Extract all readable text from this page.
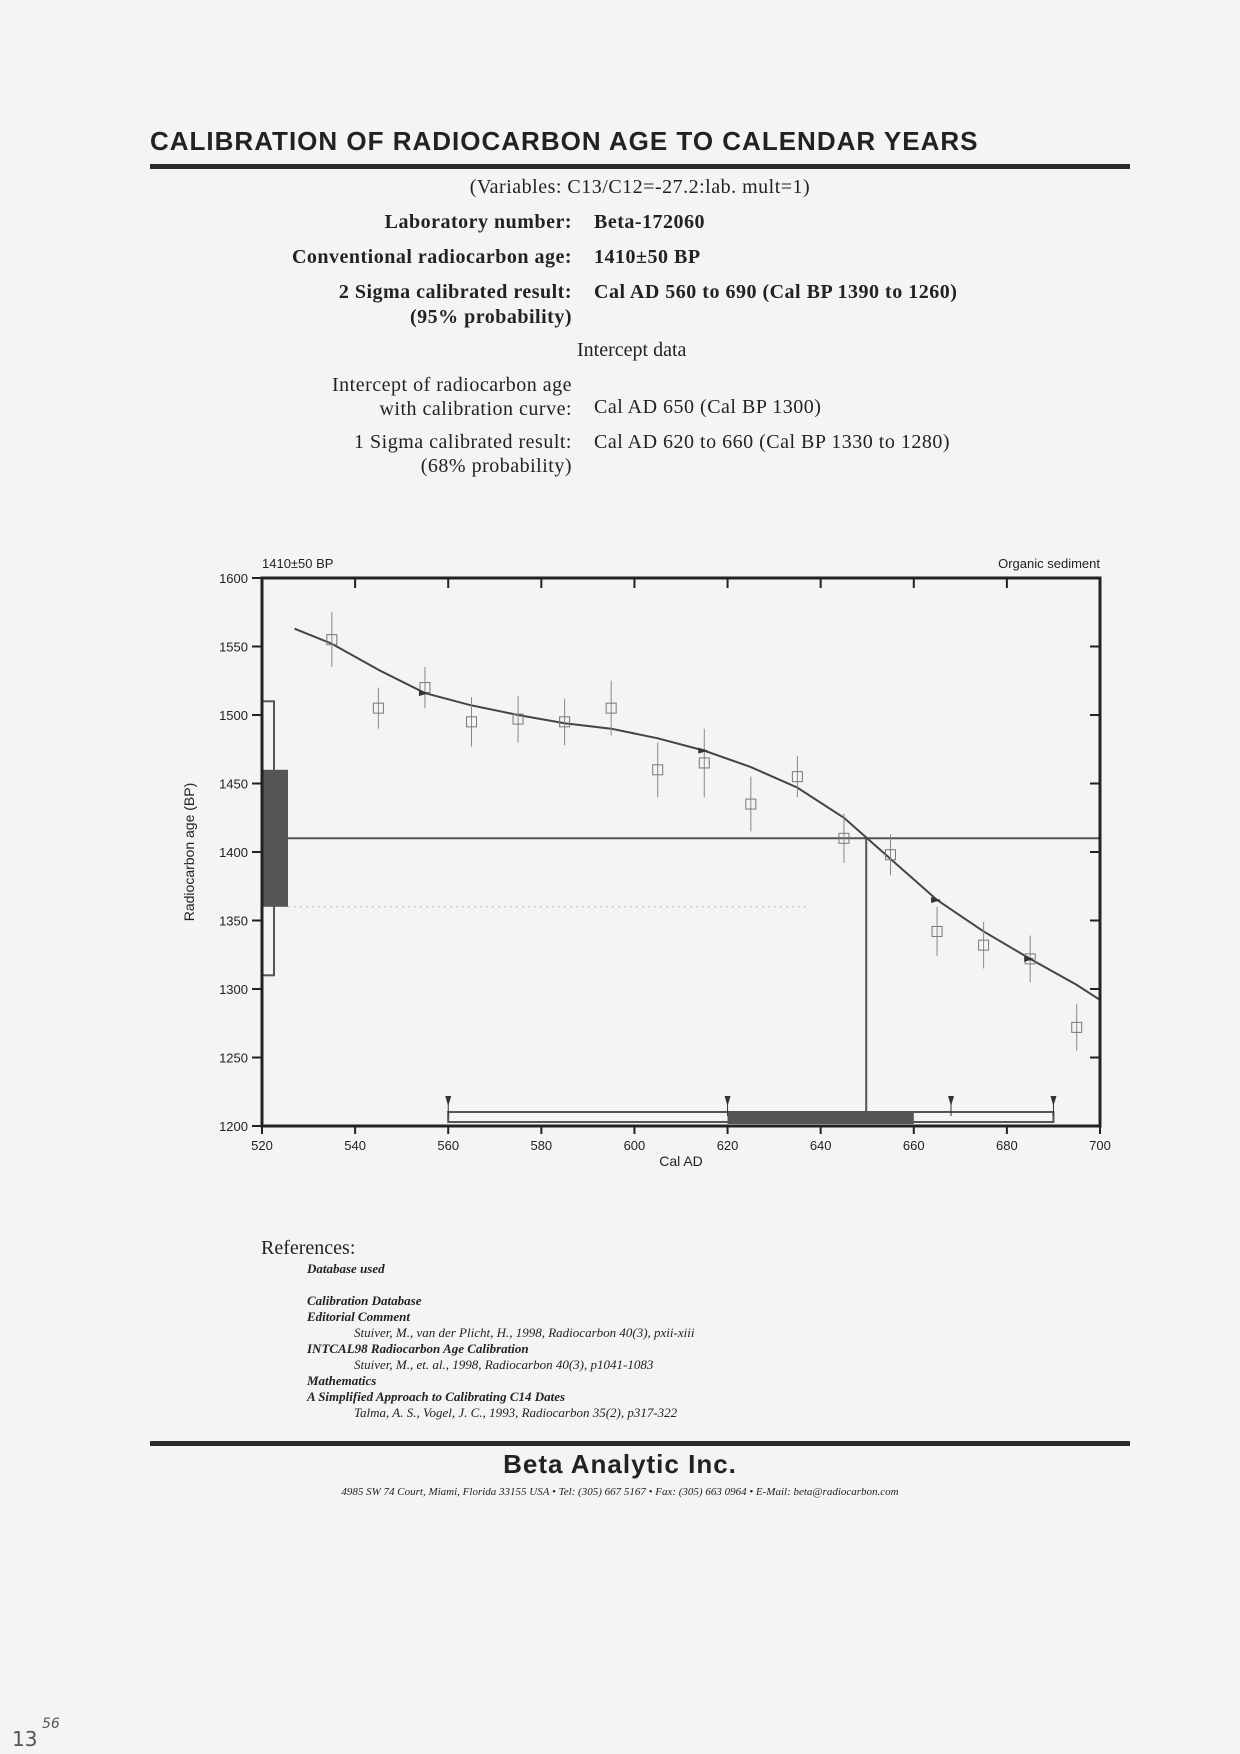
CALIBRATION OF RADIOCARBON AGE TO CALENDAR YEARS
(Variables: C13/C12=-27.2:lab. mult=1)
Laboratory number: Beta-172060
Conventional radiocarbon age: 1410±50 BP
2 Sigma calibrated result: Cal AD 560 to 690 (Cal BP 1390 to 1260)
(95% probability)
Intercept data
Intercept of radiocarbon age
with calibration curve: Cal AD 650 (Cal BP 1300)
1 Sigma calibrated result: Cal AD 620 to 660 (Cal BP 1330 to 1280)
(68% probability)
1410±50 BP	Organic sediment
Radiocarbon age (BP)
Cal AD
1200
1250
1300
1350
1400
1450
1500
1550
1600
520	540	560	580	600	620	640	660	680	700
References:
Database used

Calibration Database
Editorial Comment
Stuiver, M., van der Plicht, H., 1998, Radiocarbon 40(3), pxii-xiii
INTCAL98 Radiocarbon Age Calibration
Stuiver, M., et. al., 1998, Radiocarbon 40(3), p1041-1083
Mathematics
A Simplified Approach to Calibrating C14 Dates
Talma, A. S., Vogel, J. C., 1993, Radiocarbon 35(2), p317-322
Beta Analytic Inc.
4985 SW 74 Court, Miami, Florida 33155 USA • Tel: (305) 667 5167 • Fax: (305) 663 0964 • E-Mail: beta@radiocarbon.com
13
56
